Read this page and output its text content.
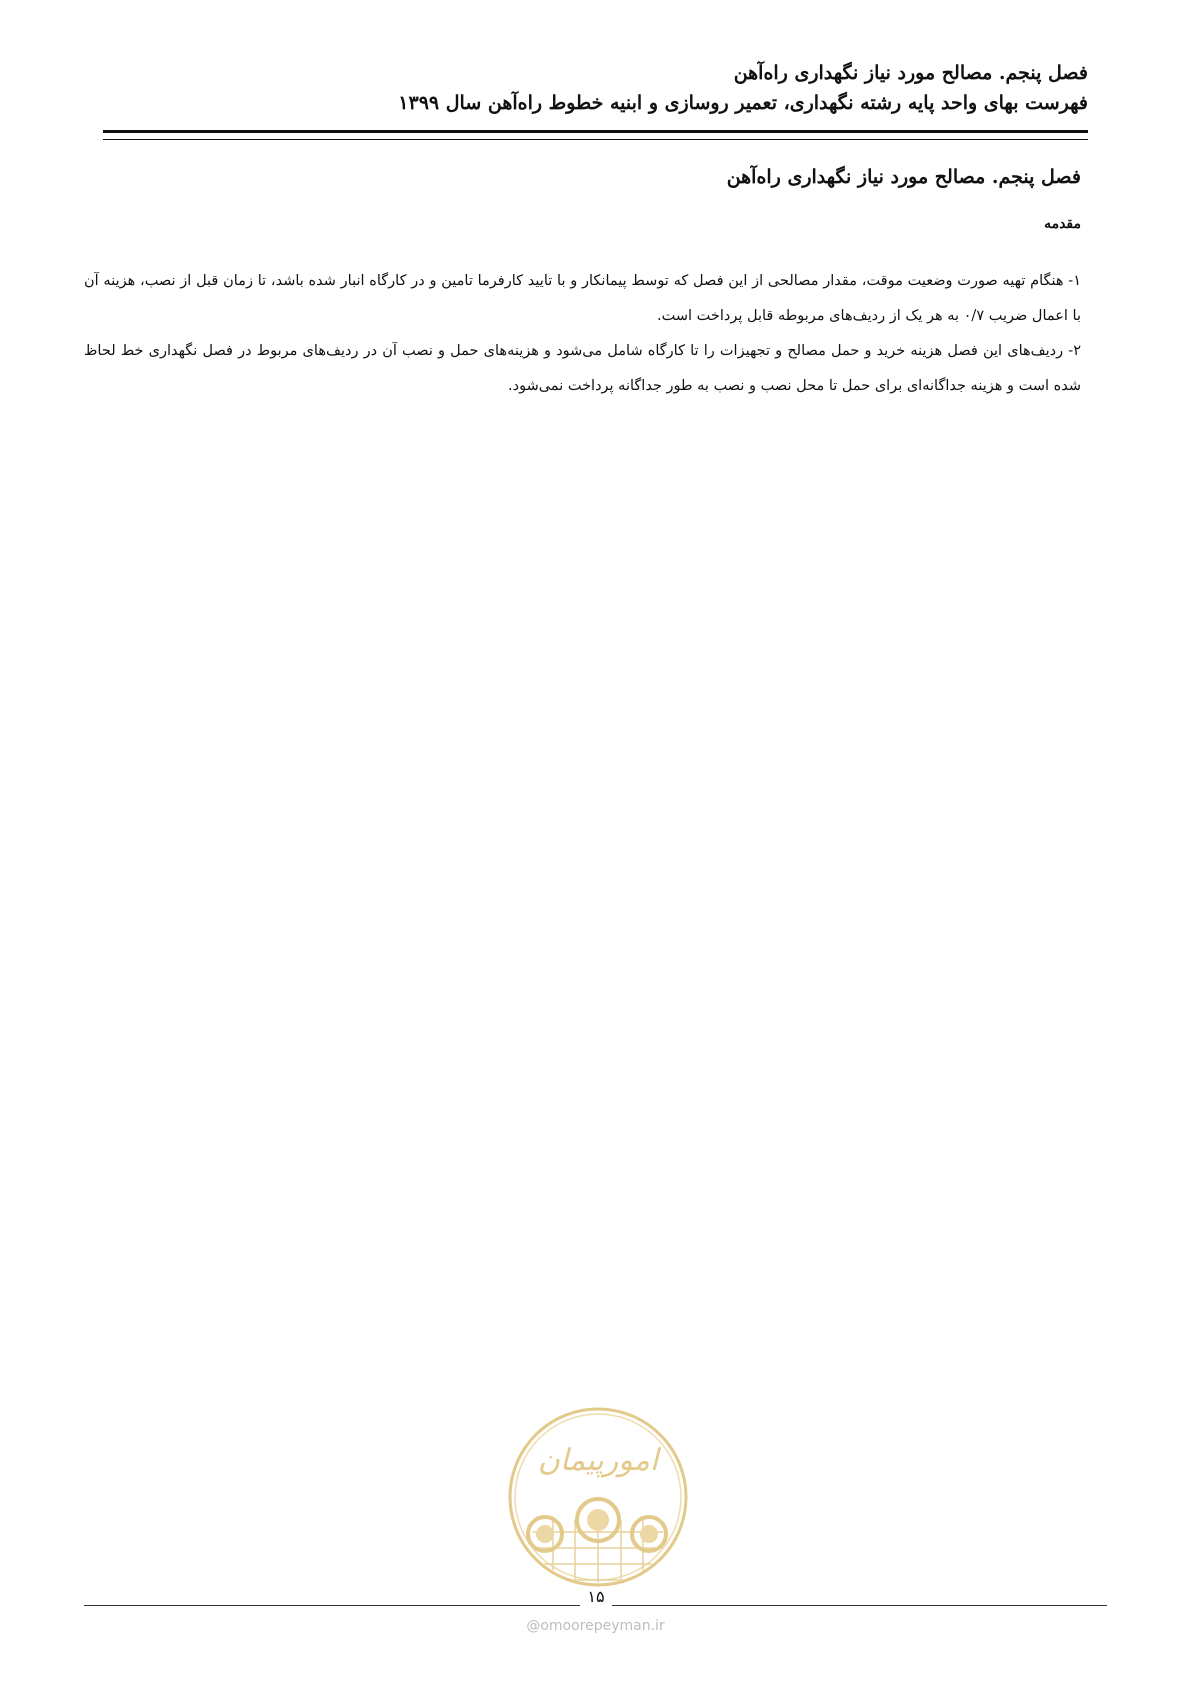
فصل پنجم. مصالح مورد نیاز نگهداری راه‌آهن
فهرست بهای واحد پایه رشته نگهداری، تعمیر روسازی و ابنیه خطوط راه‌آهن سال ۱۳۹۹
فصل پنجم. مصالح مورد نیاز نگهداری راه‌آهن
مقدمه

۱- هنگام تهیه صورت وضعیت موقت، مقدار مصالحی از این فصل که توسط پیمانکار و با تایید کارفرما تامین و در کارگاه انبار شده باشد، تا زمان قبل از نصب، هزینه آن با اعمال ضریب ۰/۷ به هر یک از ردیف‌های مربوطه قابل پرداخت است.

۲- ردیف‌های این فصل هزینه خرید و حمل مصالح و تجهیزات را تا کارگاه شامل می‌شود و هزینه‌های حمل و نصب آن در ردیف‌های مربوط در فصل نگهداری خط لحاظ شده است و هزینه جداگانه‌ای برای حمل تا محل نصب و نصب به طور جداگانه پرداخت نمی‌شود.

امورپیمان
۱۵
@omoorepeyman.ir
